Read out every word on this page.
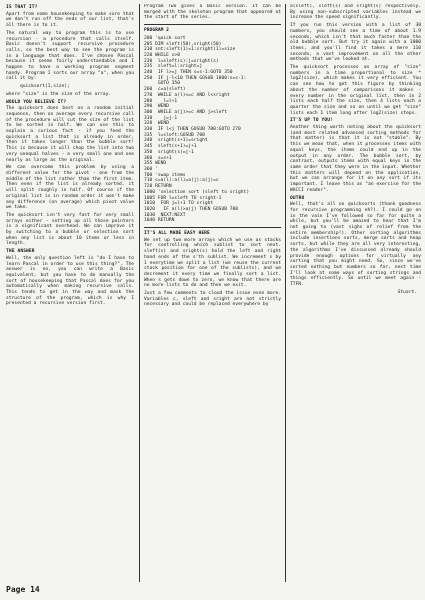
IS THAT IT?

Apart from some housekeeping to make sure that we don't run off the ends of our list, that's all there is to it.

The natural way to program this is to use recursion - a procedure that calls itself. Basic doesn't support recursive procedure calls, so the best way to see the program is in a language that does. I've chosen Pascal because it seems fairly understandable and I happen to have a working program segment handy. Program 1 sorts our array "a", when you call it by:

quicksort(1,size);

where "size" is the size of the array.

WOULD YOU BELIEVE IT?

The quicksort does best on a random initial sequence, then on average every recursive call of the procedure will cut the size of the list to be sorted in half. We can use this to explain a curious fact - if you feed the quicksort a list that is already in order, then it takes longer than the bubble sort! This is because it will chop the list into two very unequal halves - a very small one and one nearly as large as the original.

We can overcome this problem by using a different value for the pivot - one from the middle of the list rather than the first item. Then even if the list is already sorted, it will split roughly in half. Of course if the original list is in random order it won't make any difference (on average) which pivot value we take.

The quicksort isn't very fast for very small arrays either - setting up all those pointers is a significant overhead. We can improve it by switching to a bubble or selection sort when any list is about 10 items or less in length.

THE ANSWER

Well, the only question left is "do I have to learn Pascal in order to use this thing?". The answer is no, you can write a Basic equivalent, but you have to do manually the sort of housekeeping that Pascal does for you automatically when making recursive calls. This tends to get in the way and mask the structure of the program, which is why I presented a recursive version first.

Program Two gives a Basic version. It can be merged with the skeleton program that appeared at the start of the series.

PROGRAM 2
200 'quick sort
205 DIM sleft(50),sright(50)
210 snt:sleft(1)=1:sright(1)=size
220 WHILE s>0
230  l=sleft(s):j=sright(s)
235  sleft=l:sright=j
240  IF l>=j THEN s=s-1:GOTO 350
250  IF j-l<10 THEN GOSUB 1000:s=s-1:
GOTO 350
260  c=a(sleft)
270  WHILE a(l)<=c AND l<sright
280    l=l+1
290  WEND
300  WHILE a(j)>=c AND j>sleft
310    j=j-1
320  WEND
330  IF l<j THEN GOSUB 700:GOTO 270
335  l=sleft:GOSUB 700
340  sright(s+1)=sright
345  sleft(s+1)=j+1
350  sright(s)=j-1
360  s=s+1
355 WEND
360 '
700 'swap items
710 c=a(l):a(l)=a(j):a(j)=c
720 RETURN
1000 'selection sort (sleft to sright)
1005 FOR l=sleft TO sright-1
1010  FOR j=l+1 TO sright
1020   IF a(l)>a(j) THEN GOSUB 700
1030  NEXT:NEXT
1040 RETURN
IT'S ALL MADE EASY HERE

We set up two more arrays which we use as stacks for controlling which sublist to sort next. sleft(s) and sright(s) hold the left and right hand ends of the s'th sublist. We increment s by 1 everytime we split a list (we reuse the current stack position for one of the sublists), and we decrement it every time we finally sort a list. When s gets down to zero, we know that there are no more lists to do and then we exit.

Just a few comments to cloud the issue even more. Variables c, sleft and sright are not strictly necessary and could be replaced everywhere by

a(sleft), sleft(s) and sright(s) respectively. By using non-subscripted variables instead we increase the speed significantly.

If you run this version with a list of 30 numbers, you should see a time of about 1.9 seconds, which isn't that much faster than the old bubble sort. But try it again with a 1000 items, and you'll find it takes a mere 110 seconds, a vast improvement on all the other methods that we've looked at.

The quicksort processes an array of "size" numbers in a time proportional to size * log2(size), which makes it very efficient. You can see how to get this figure by thinking about the number of comparisons it makes - every number in the original list, then in 2 lists each half the size, then 4 lists each a quarter the size and so on until we get "size" lists each 1 item long after log2(size) steps.

IT'S UP TO YOU!

Another thing worth noting about the quicksort (and most related advanced sorting methods for that matter) is that it is not "stable". By this we mean that, when it processes items with equal keys, the items could end up in the output in any order. The bubble sort, by contrast, outputs items with equal keys in the same order that they were in the input. Whether this matters will depend on the application, but we can arrange for it on any sort if its important. I leave this as "an exercise for the WACCI reader".

OUTRO

Well, that's all on quicksorts (thank goodness for recursive programming eh?). I could go on in the vain I've followed so far for quite a while, but you'll be amazed to hear that I'm not going to (vast sighs of relief from the entire membership!). Other sorting algorithms include insertions sorts, merge sorts and heap sorts, but while they are all very interesting, the algorithms I've discussed already should provide enough options for virtually any sorting that you might need. So, since we've sorted nothing but numbers so far, next time I'll look at some ways of sorting strings and things efficiently. So until we meet again - TTFN.

Stuart.
Page 14
